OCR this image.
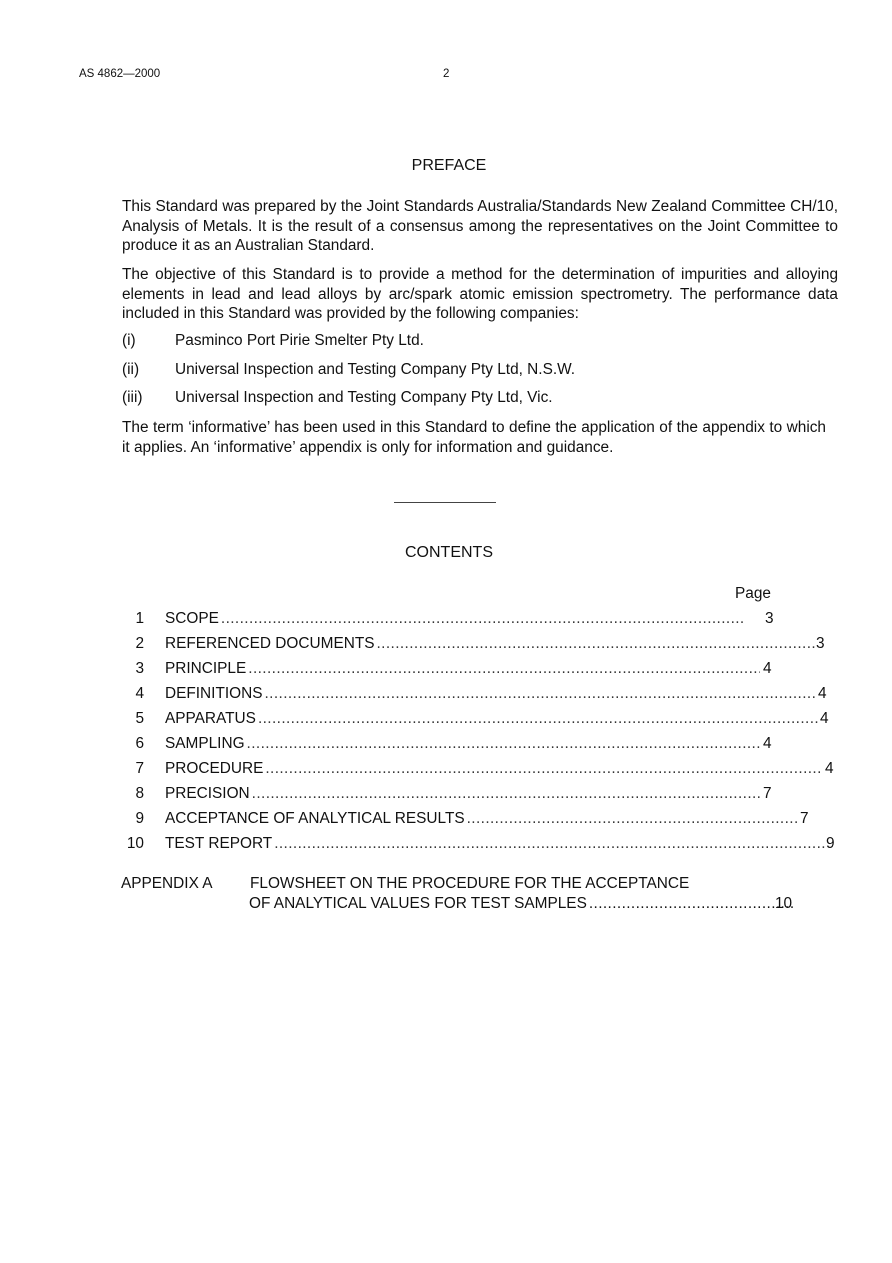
AS 4862—2000	2
PREFACE
This Standard was prepared by the Joint Standards Australia/Standards New Zealand Committee CH/10, Analysis of Metals. It is the result of a consensus among the representatives on the Joint Committee to produce it as an Australian Standard.
The objective of this Standard is to provide a method for the determination of impurities and alloying elements in lead and lead alloys by arc/spark atomic emission spectrometry. The performance data included in this Standard was provided by the following companies:
(i)	Pasminco Port Pirie Smelter Pty Ltd.
(ii) Universal Inspection and Testing Company Pty Ltd, N.S.W.
(iii) Universal Inspection and Testing Company Pty Ltd, Vic.
The term ‘informative’ has been used in this Standard to define the application of the appendix to which it applies. An ‘informative’ appendix is only for information and guidance.
CONTENTS
Page
1 SCOPE .....	3
2 REFERENCED DOCUMENTS .....	3
3 PRINCIPLE .....	4
4 DEFINITIONS .....	4
5 APPARATUS .....	4
6 SAMPLING .....	4
7 PROCEDURE .....	4
8 PRECISION .....	7
9 ACCEPTANCE OF ANALYTICAL RESULTS .....	7
10 TEST REPORT .....	9
APPENDIX A FLOWSHEET ON THE PROCEDURE FOR THE ACCEPTANCE
OF ANALYTICAL VALUES FOR TEST SAMPLES .....	10
